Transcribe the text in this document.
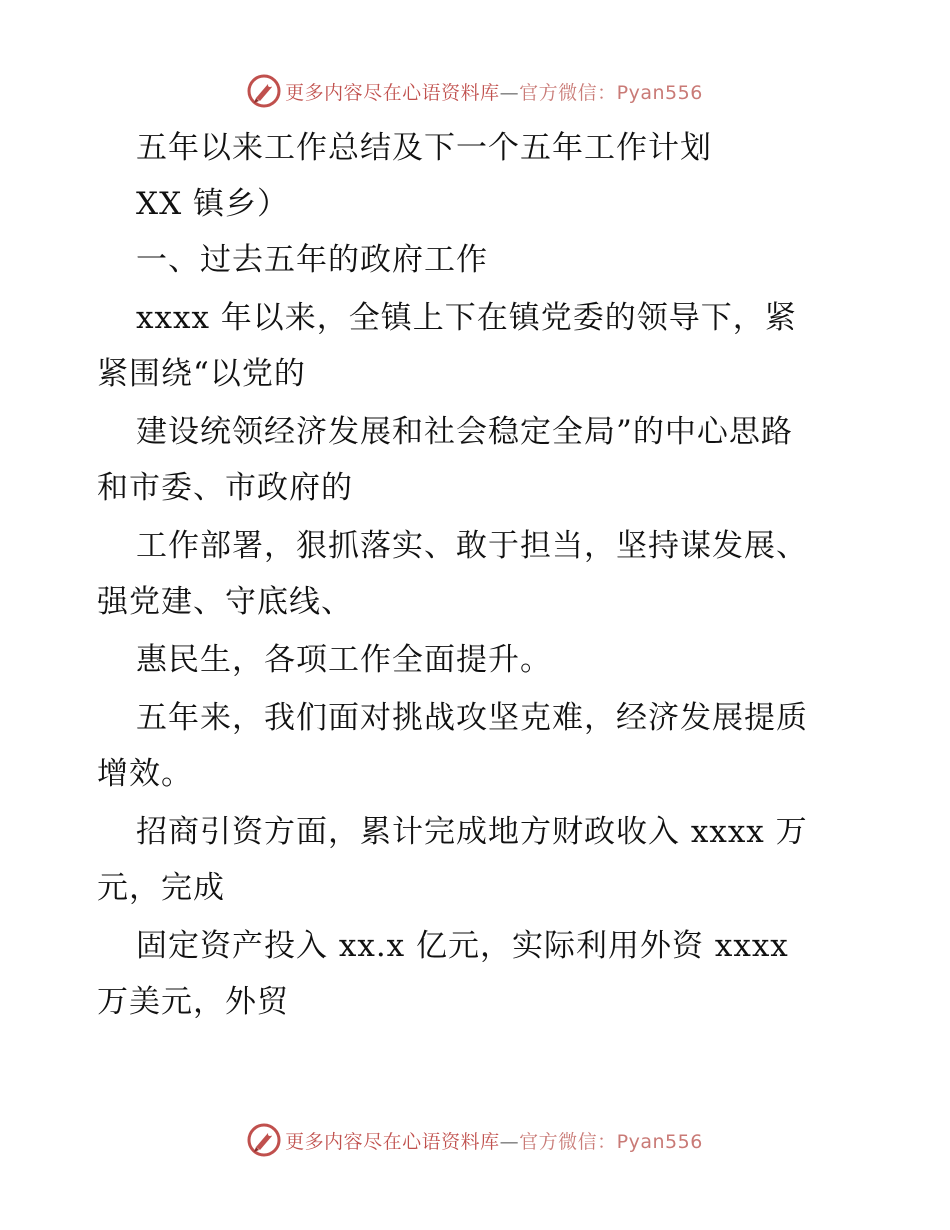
更多内容尽在心语资料库—官方微信：Pyan556
五年以来工作总结及下一个五年工作计划
XX 镇乡）
一、过去五年的政府工作
xxxx 年以来，全镇上下在镇党委的领导下，紧
紧围绕“以党的
建设统领经济发展和社会稳定全局”的中心思路
和市委、市政府的
工作部署，狠抓落实、敢于担当，坚持谋发展、
强党建、守底线、
惠民生，各项工作全面提升。
五年来，我们面对挑战攻坚克难，经济发展提质
增效。
招商引资方面，累计完成地方财政收入 xxxx 万
元，完成
固定资产投入 xx.x 亿元，实际利用外资 xxxx
万美元，外贸
更多内容尽在心语资料库—官方微信：Pyan556
